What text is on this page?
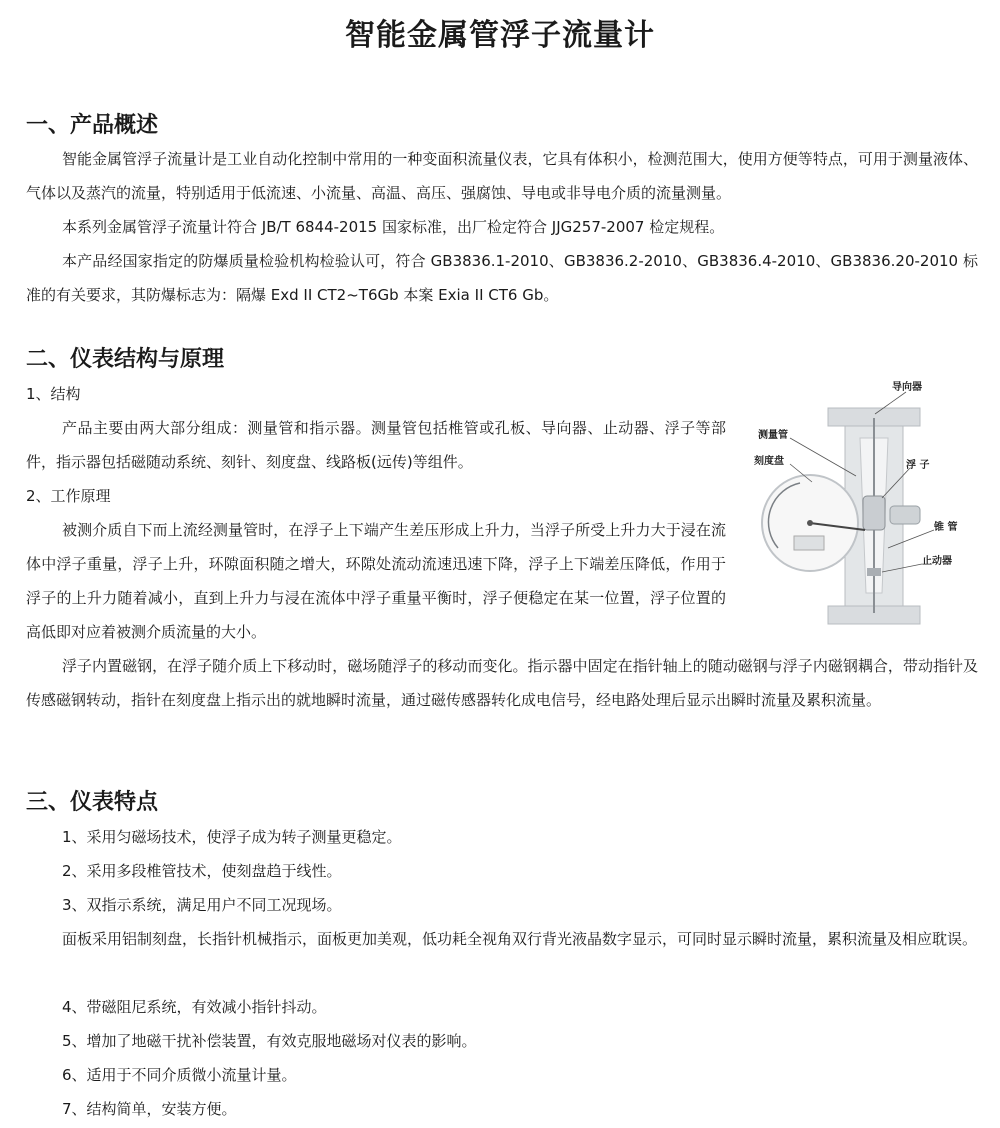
智能金属管浮子流量计
一、产品概述

智能金属管浮子流量计是工业自动化控制中常用的一种变面积流量仪表，它具有体积小，检测范围大，使用方便等特点，可用于测量液体、气体以及蒸汽的流量，特别适用于低流速、小流量、高温、高压、强腐蚀、导电或非导电介质的流量测量。

本系列金属管浮子流量计符合 JB/T 6844-2015 国家标准，出厂检定符合 JJG257-2007 检定规程。

本产品经国家指定的防爆质量检验机构检验认可，符合 GB3836.1-2010、GB3836.2-2010、GB3836.4-2010、GB3836.20-2010 标准的有关要求，其防爆标志为：隔爆 Exd II CT2~T6Gb 本案 Exia II CT6 Gb。

二、仪表结构与原理
1、结构

产品主要由两大部分组成：测量管和指示器。测量管包括椎管或孔板、导向器、止动器、浮子等部件，指示器包括磁随动系统、刻针、刻度盘、线路板(远传)等组件。

2、工作原理

被测介质自下而上流经测量管时，在浮子上下端产生差压形成上升力，当浮子所受上升力大于浸在流体中浮子重量，浮子上升，环隙面积随之增大，环隙处流动流速迅速下降，浮子上下端差压降低，作用于浮子的上升力随着减小，直到上升力与浸在流体中浮子重量平衡时，浮子便稳定在某一位置，浮子位置的高低即对应着被测介质流量的大小。

浮子内置磁钢，在浮子随介质上下移动时，磁场随浮子的移动而变化。指示器中固定在指针轴上的随动磁钢与浮子内磁钢耦合，带动指针及传感磁钢转动，指针在刻度盘上指示出的就地瞬时流量，通过磁传感器转化成电信号，经电路处理后显示出瞬时流量及累积流量。

导向器
测量管
刻度盘	浮 子
锥 管
止动器
三、仪表特点
1、采用匀磁场技术，使浮子成为转子测量更稳定。
2、采用多段椎管技术，使刻盘趋于线性。
3、双指示系统，满足用户不同工况现场。

面板采用铝制刻盘，长指针机械指示，面板更加美观，低功耗全视角双行背光液晶数字显示，可同时显示瞬时流量，累积流量及相应耽误。

4、带磁阻尼系统，有效减小指针抖动。
5、增加了地磁干扰补偿装置，有效克服地磁场对仪表的影响。
6、适用于不同介质微小流量计量。
7、结构简单，安装方便。
